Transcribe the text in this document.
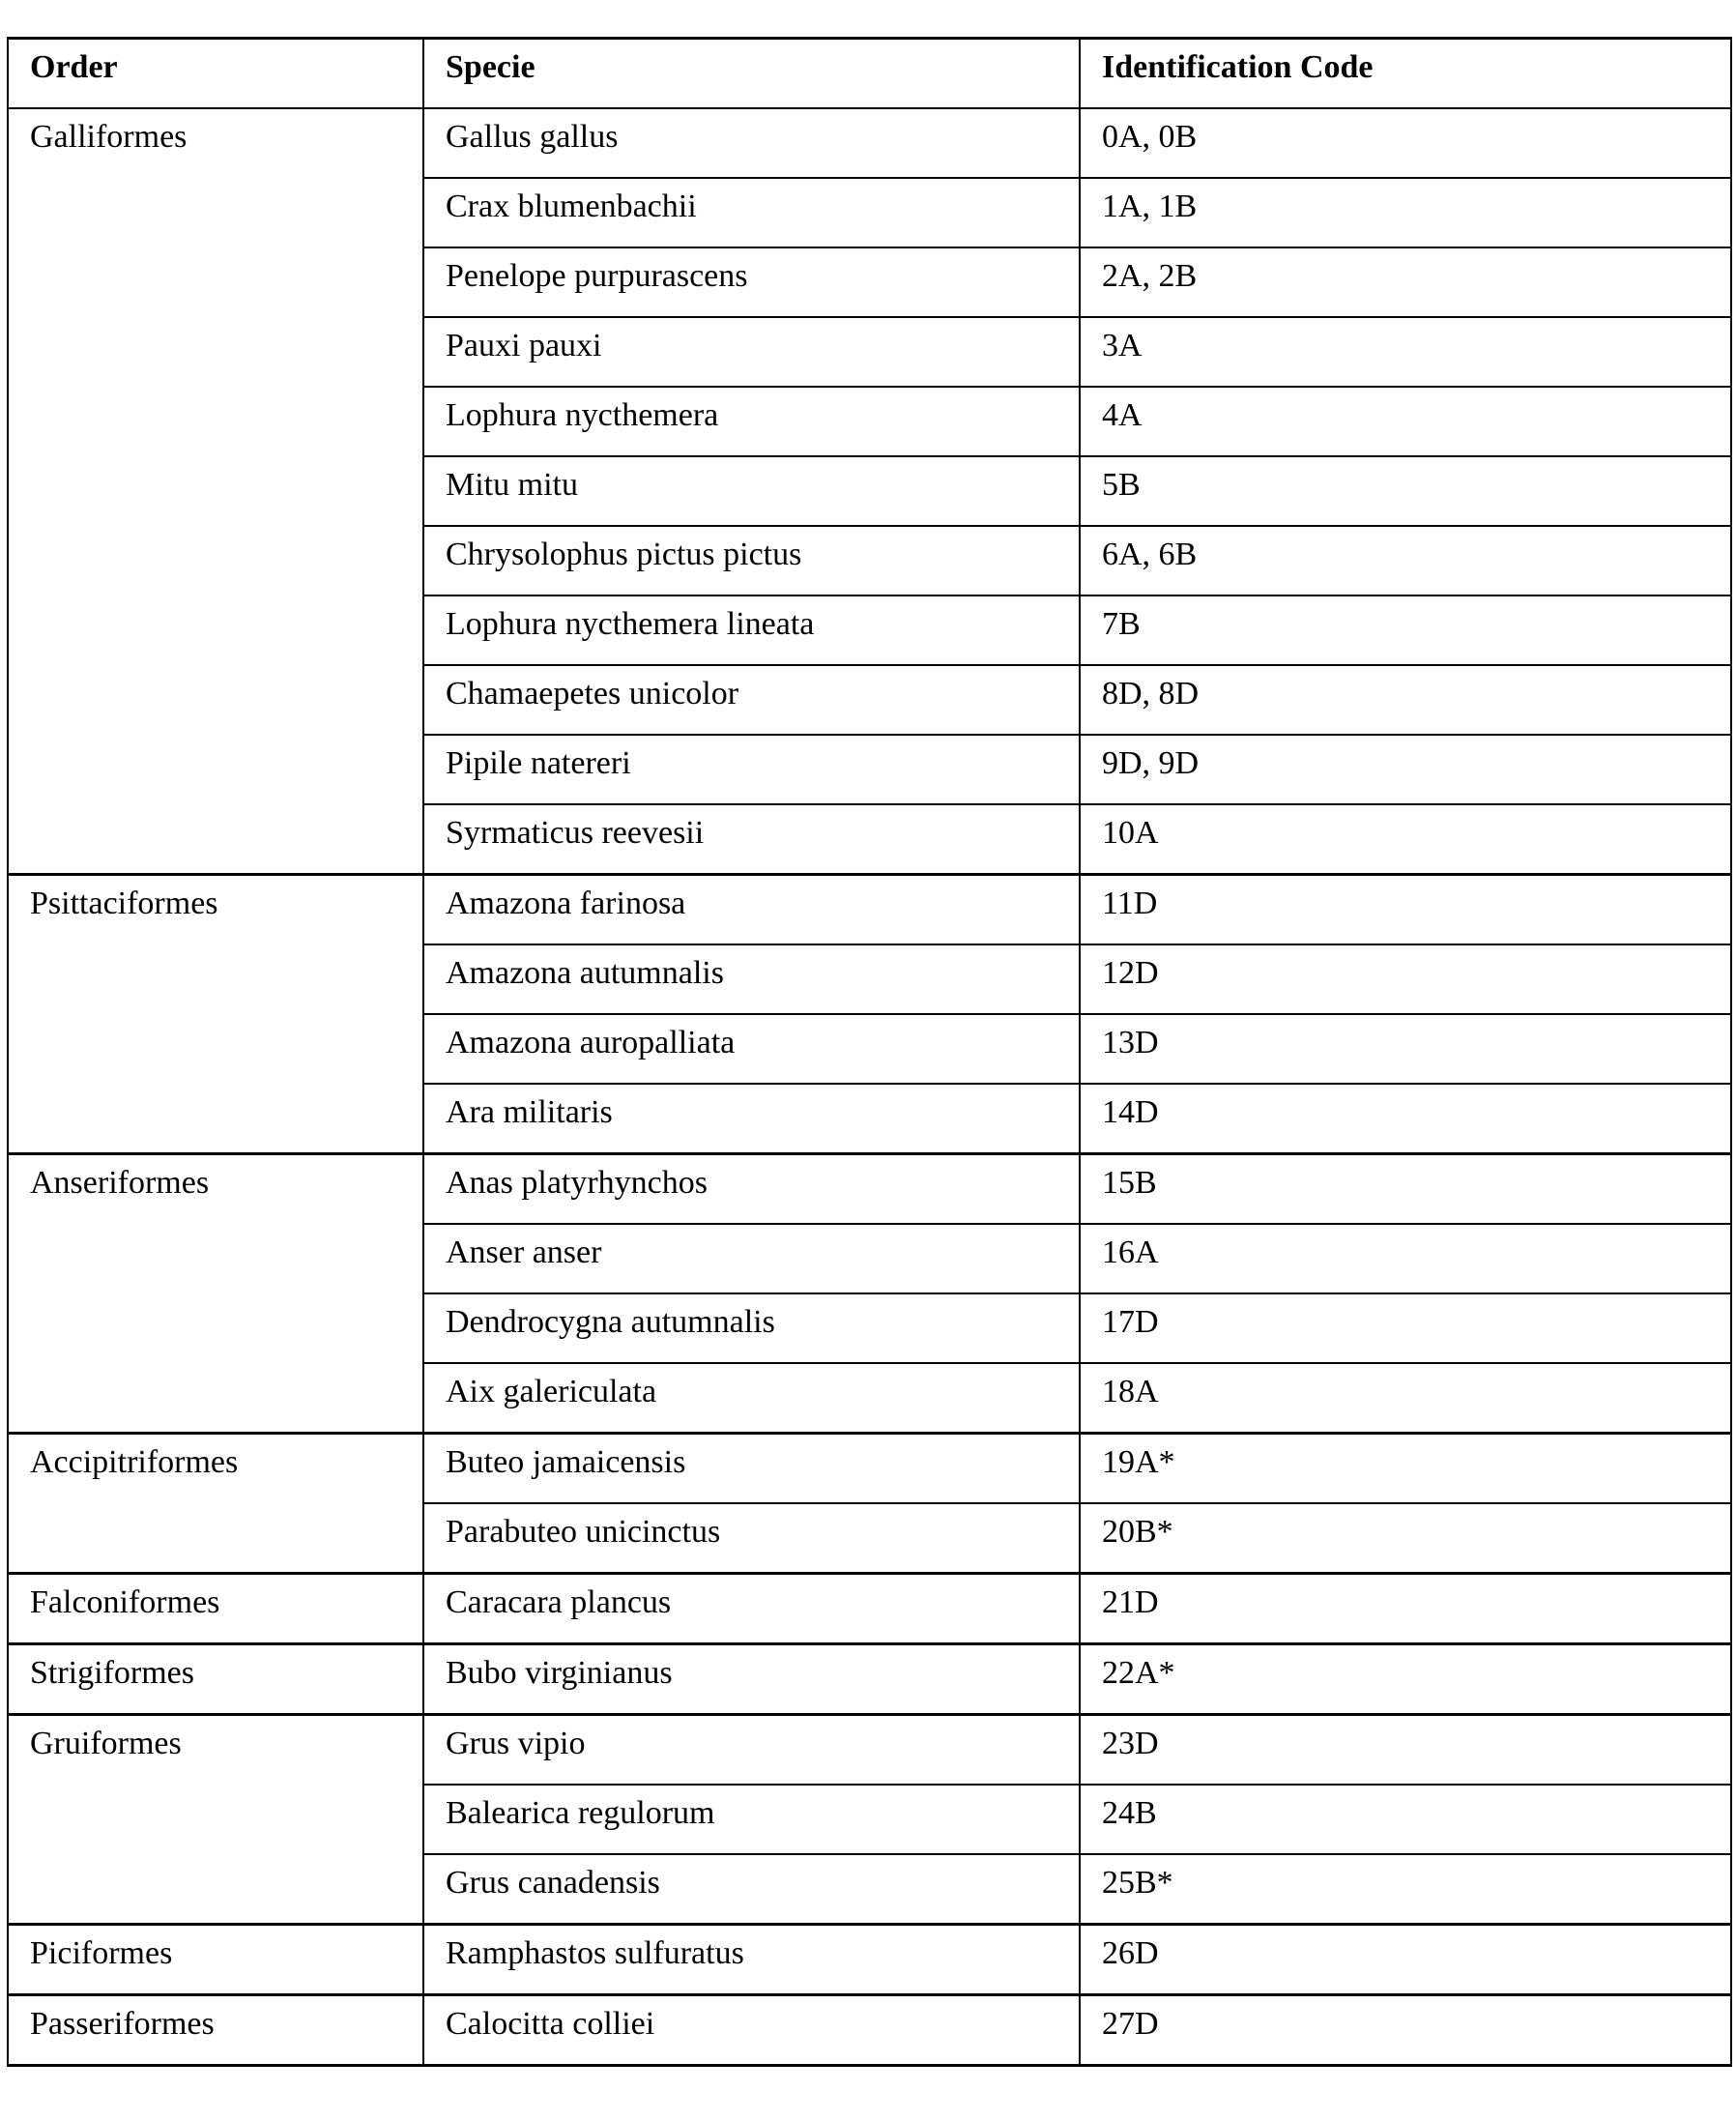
Order	Specie	Identification Code

Galliformes	Gallus gallus	0A, 0B

	Crax blumenbachii	1A, 1B

	Penelope purpurascens	2A, 2B

	Pauxi pauxi	3A

	Lophura nycthemera	4A

	Mitu mitu	5B

	Chrysolophus pictus pictus	6A, 6B

	Lophura nycthemera lineata	7B

	Chamaepetes unicolor	8D, 8D

	Pipile natereri	9D, 9D

	Syrmaticus reevesii	10A

Psittaciformes	Amazona farinosa	11D

	Amazona autumnalis	12D

	Amazona auropalliata	13D

	Ara militaris	14D

Anseriformes	Anas platyrhynchos	15B

	Anser anser	16A

	Dendrocygna autumnalis	17D

	Aix galericulata	18A

Accipitriformes	Buteo jamaicensis	19A*

	Parabuteo unicinctus	20B*

Falconiformes	Caracara plancus	21D

Strigiformes	Bubo virginianus	22A*

Gruiformes	Grus vipio	23D

	Balearica regulorum	24B

	Grus canadensis	25B*

Piciformes	Ramphastos sulfuratus	26D

Passeriformes	Calocitta colliei	27D
